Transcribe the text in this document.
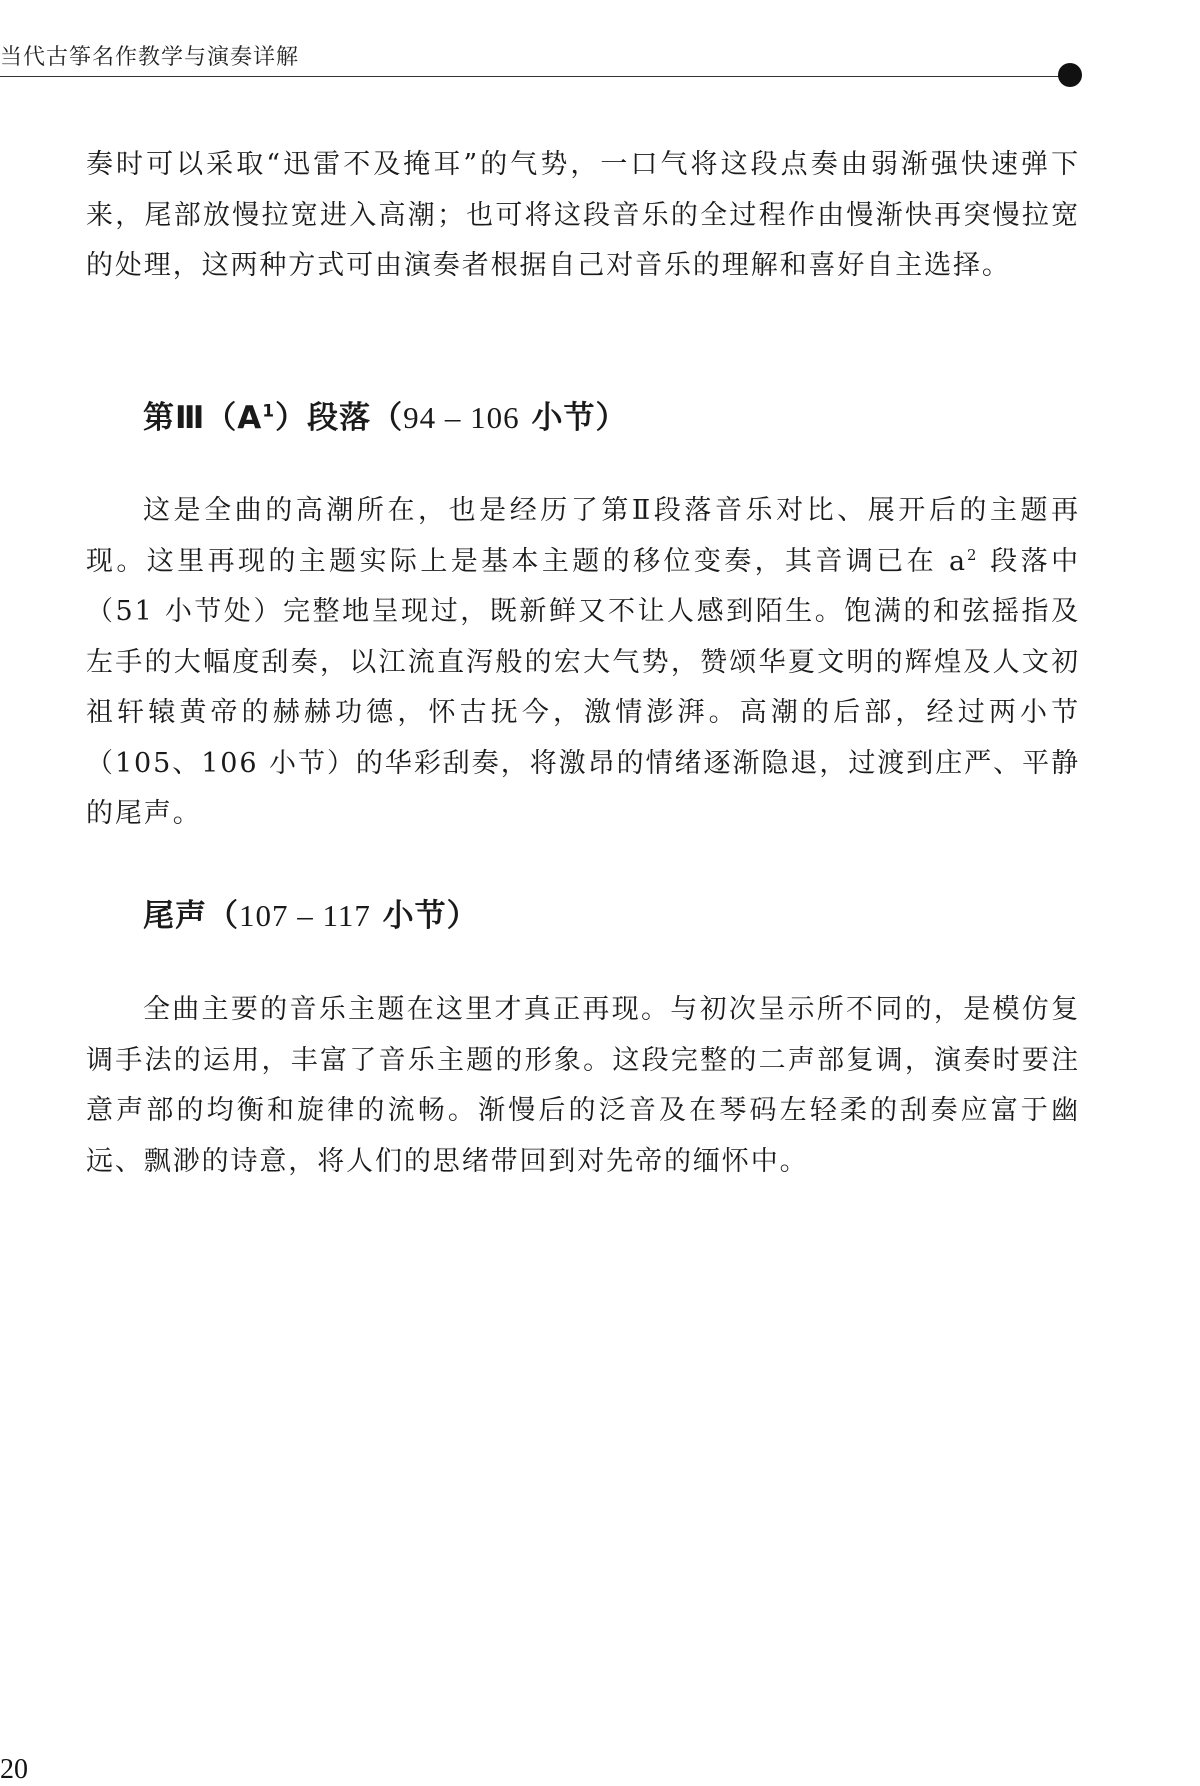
当代古筝名作教学与演奏详解

奏时可以采取“迅雷不及掩耳”的气势，一口气将这段点奏由弱渐强快速弹下来，尾部放慢拉宽进入高潮；也可将这段音乐的全过程作由慢渐快再突慢拉宽的处理，这两种方式可由演奏者根据自己对音乐的理解和喜好自主选择。

第$Ⅲ(A^1)$段落（94 – 106 小节）

这是全曲的高潮所在，也是经历了第Ⅱ段落音乐对比、展开后的主题再现。这里再现的主题实际上是基本主题的移位变奏，其音调已在 $a^2$ 段落中（51 小节处）完整地呈现过，既新鲜又不让人感到陌生。饱满的和弦摇指及左手的大幅度刮奏，以江流直泻般的宏大气势，赞颂华夏文明的辉煌及人文初祖轩辕黄帝的赫赫功德，怀古抚今，激情澎湃。高潮的后部，经过两小节（105、106 小节）的华彩刮奏，将激昂的情绪逐渐隐退，过渡到庄严、平静的尾声。

尾声（107 – 117 小节）

全曲主要的音乐主题在这里才真正再现。与初次呈示所不同的，是模仿复调手法的运用，丰富了音乐主题的形象。这段完整的二声部复调，演奏时要注意声部的均衡和旋律的流畅。渐慢后的泛音及在琴码左轻柔的刮奏应富于幽远、飘渺的诗意，将人们的思绪带回到对先帝的缅怀中。

20
